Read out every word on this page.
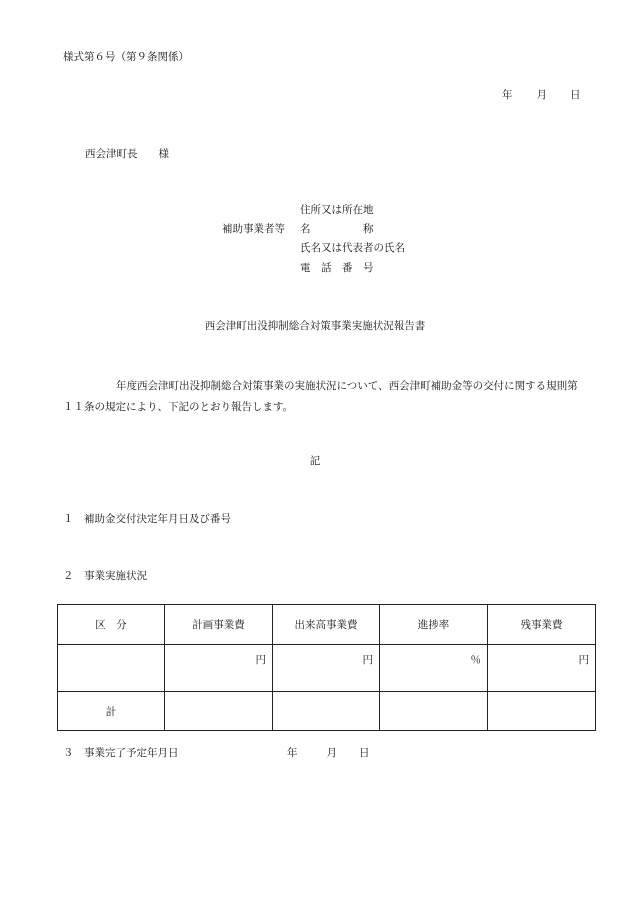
様式第６号（第９条関係）
年 月 日
西会津町長 様
補助事業者等
住所又は所在地
名　　　　　称
氏名又は代表者の氏名
電　話　番　号
西会津町出没抑制総合対策事業実施状況報告書
年度西会津町出没抑制総合対策事業の実施状況について、西会津町補助金等の交付に関する規則第１１条の規定により、下記のとおり報告します。
記
１　補助金交付決定年月日及び番号
２　事業実施状況
区　分	計画事業費	出来高事業費	進捗率	残事業費
	円	円	％	円
計				
３　事業完了予定年月日	年	月 日
